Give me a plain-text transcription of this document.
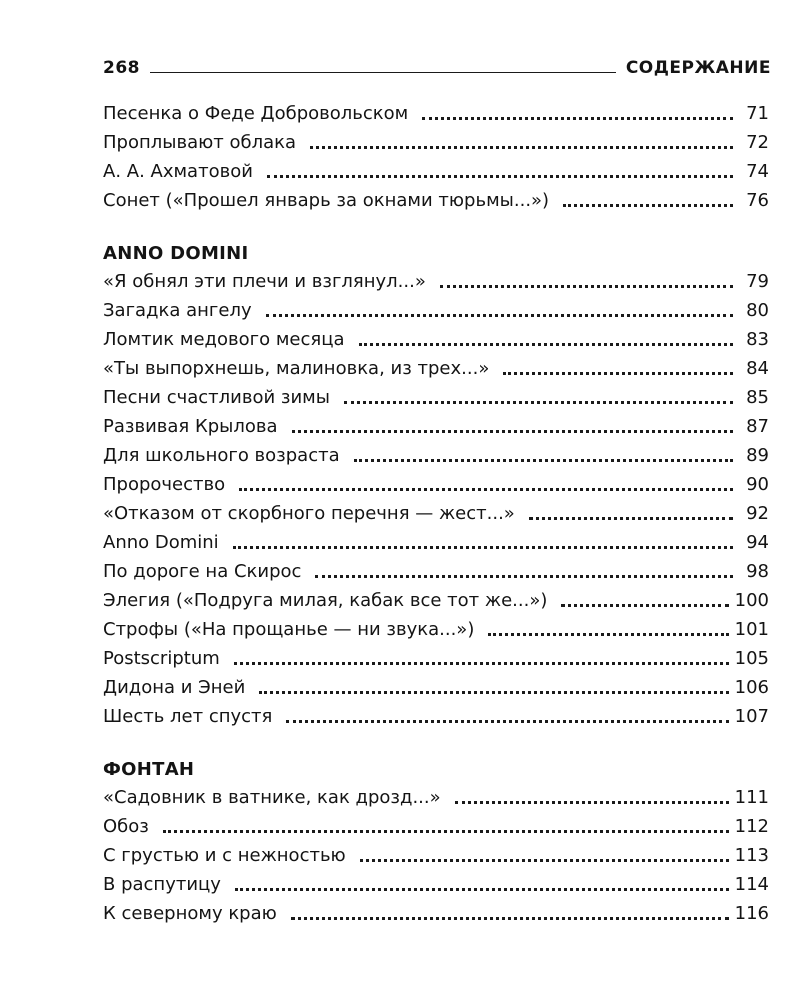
268	СОДЕРЖАНИЕ
Песенка о Феде Добровольском	71
Проплывают облака	72
А. А. Ахматовой	74
Сонет («Прошел январь за окнами тюрьмы...»)	76
ANNO DOMINI
«Я обнял эти плечи и взглянул...»	79
Загадка ангелу	80
Ломтик медового месяца	83
«Ты выпорхнешь, малиновка, из трех...»	84
Песни счастливой зимы	85
Развивая Крылова	87
Для школьного возраста	89
Пророчество	90
«Отказом от скорбного перечня — жест...»	92
Anno Domini	94
По дороге на Скирос	98
Элегия («Подруга милая, кабак все тот же...»)	100
Строфы («На прощанье — ни звука...»)	101
Postscriptum	105
Дидона и Эней	106
Шесть лет спустя	107
ФОНТАН
«Садовник в ватнике, как дрозд...»	111
Обоз	112
С грустью и с нежностью	113
В распутицу	114
К северному краю	116
